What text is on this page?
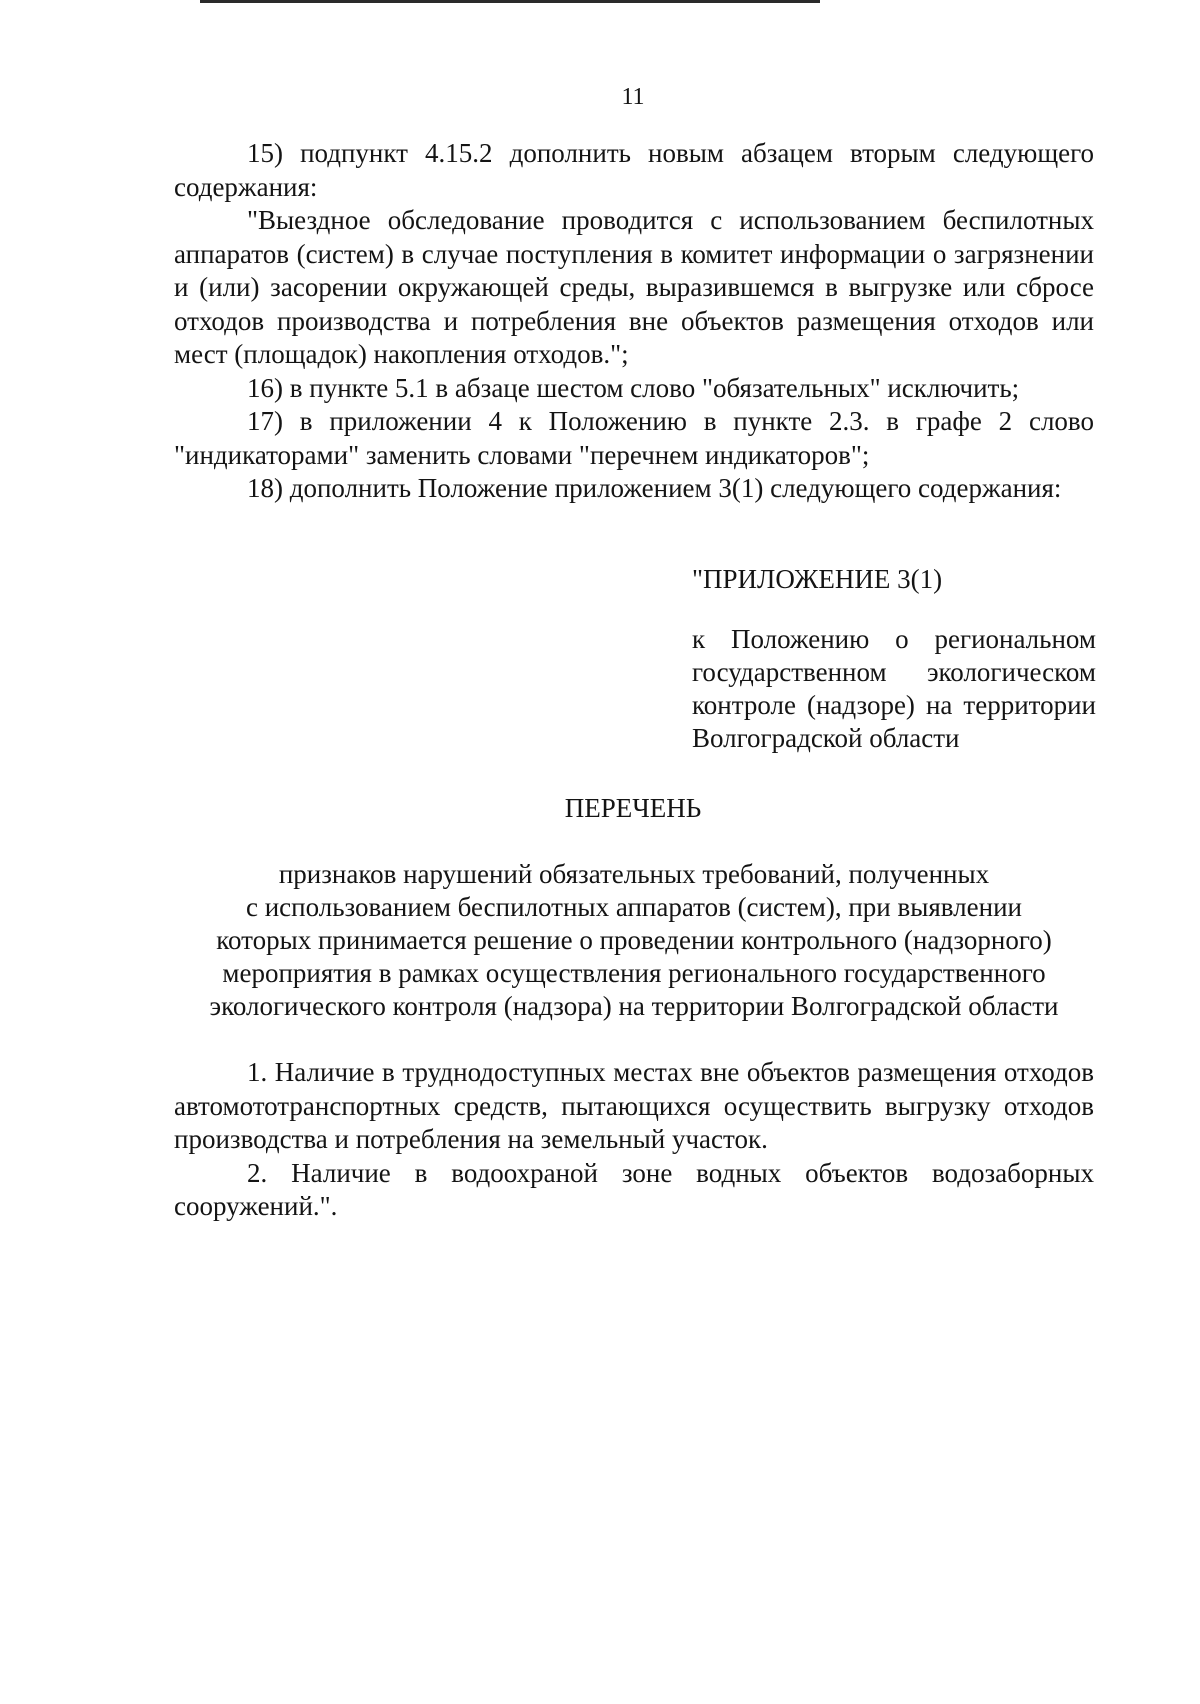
11

15) подпункт 4.15.2 дополнить новым абзацем вторым следующего содержания:

"Выездное обследование проводится с использованием беспилотных аппаратов (систем) в случае поступления в комитет информации о загрязнении и (или) засорении окружающей среды, выразившемся в выгрузке или сбросе отходов производства и потребления вне объектов размещения отходов или мест (площадок) накопления отходов.";

16) в пункте 5.1 в абзаце шестом слово "обязательных" исключить;

17) в приложении 4 к Положению в пункте 2.3. в графе 2 слово "индикаторами" заменить словами "перечнем индикаторов";

18) дополнить Положение приложением 3(1) следующего содержания:

"ПРИЛОЖЕНИЕ 3(1)

к Положению о региональном государственном экологическом контроле (надзоре) на территории Волгоградской области

ПЕРЕЧЕНЬ
признаков нарушений обязательных требований, полученных
с использованием беспилотных аппаратов (систем), при выявлении
которых принимается решение о проведении контрольного (надзорного)
мероприятия в рамках осуществления регионального государственного
экологического контроля (надзора) на территории Волгоградской области

1. Наличие в труднодоступных местах вне объектов размещения отходов автомототранспортных средств, пытающихся осуществить выгрузку отходов производства и потребления на земельный участок.

2. Наличие в водоохраной зоне водных объектов водозаборных сооружений.".
